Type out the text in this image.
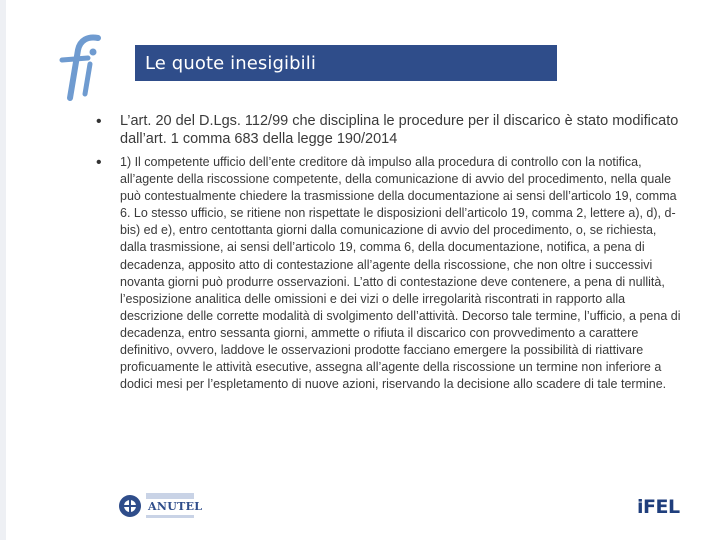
Le quote inesigibili
• L’art. 20 del D.Lgs. 112/99 che disciplina le procedure per il discarico è stato modificato dall’art. 1 comma 683 della legge 190/2014
• 1) Il competente ufficio dell’ente creditore dà impulso alla procedura di controllo con la notifica, all’agente della riscossione competente, della comunicazione di avvio del procedimento, nella quale può contestualmente chiedere la trasmissione della documentazione ai sensi dell’articolo 19, comma 6. Lo stesso ufficio, se ritiene non rispettate le disposizioni dell’articolo 19, comma 2, lettere a), d), d-bis) ed e), entro centottanta giorni dalla comunicazione di avvio del procedimento, o, se richiesta, dalla trasmissione, ai sensi dell’articolo 19, comma 6, della documentazione, notifica, a pena di decadenza, apposito atto di contestazione all’agente della riscossione, che non oltre i successivi novanta giorni può produrre osservazioni. L’atto di contestazione deve contenere, a pena di nullità, l’esposizione analitica delle omissioni e dei vizi o delle irregolarità riscontrati in rapporto alla descrizione delle corrette modalità di svolgimento dell’attività. Decorso tale termine, l’ufficio, a pena di decadenza, entro sessanta giorni, ammette o rifiuta il discarico con provvedimento a carattere definitivo, ovvero, laddove le osservazioni prodotte facciano emergere la possibilità di riattivare proficuamente le attività esecutive, assegna all’agente della riscossione un termine non inferiore a dodici mesi per l’espletamento di nuove azioni, riservando la decisione allo scadere di tale termine.
ANUTEL	iFEL
